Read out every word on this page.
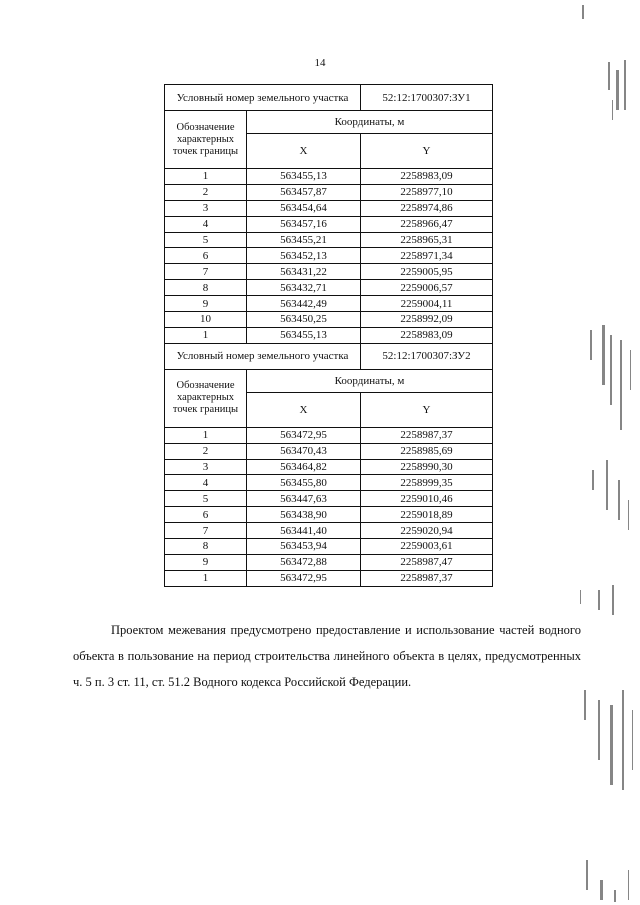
14
Условный номер земельного участка		52:12:1700307:ЗУ1
Обозначение характерных точек границы	Координаты, м	
	X	Y
1	563455,13	2258983,09
2	563457,87	2258977,10
3	563454,64	2258974,86
4	563457,16	2258966,47
5	563455,21	2258965,31
6	563452,13	2258971,34
7	563431,22	2259005,95
8	563432,71	2259006,57
9	563442,49	2259004,11
10	563450,25	2258992,09
1	563455,13	2258983,09
Условный номер земельного участка		52:12:1700307:ЗУ2
Обозначение характерных точек границы	Координаты, м	
	X	Y
1	563472,95	2258987,37
2	563470,43	2258985,69
3	563464,82	2258990,30
4	563455,80	2258999,35
5	563447,63	2259010,46
6	563438,90	2259018,89
7	563441,40	2259020,94
8	563453,94	2259003,61
9	563472,88	2258987,47
1	563472,95	2258987,37

Проектом межевания предусмотрено предоставление и использование частей водного объекта в пользование на период строительства линейного объекта в целях, предусмотренных ч. 5 п. 3 ст. 11, ст. 51.2 Водного кодекса Российской Федерации.
